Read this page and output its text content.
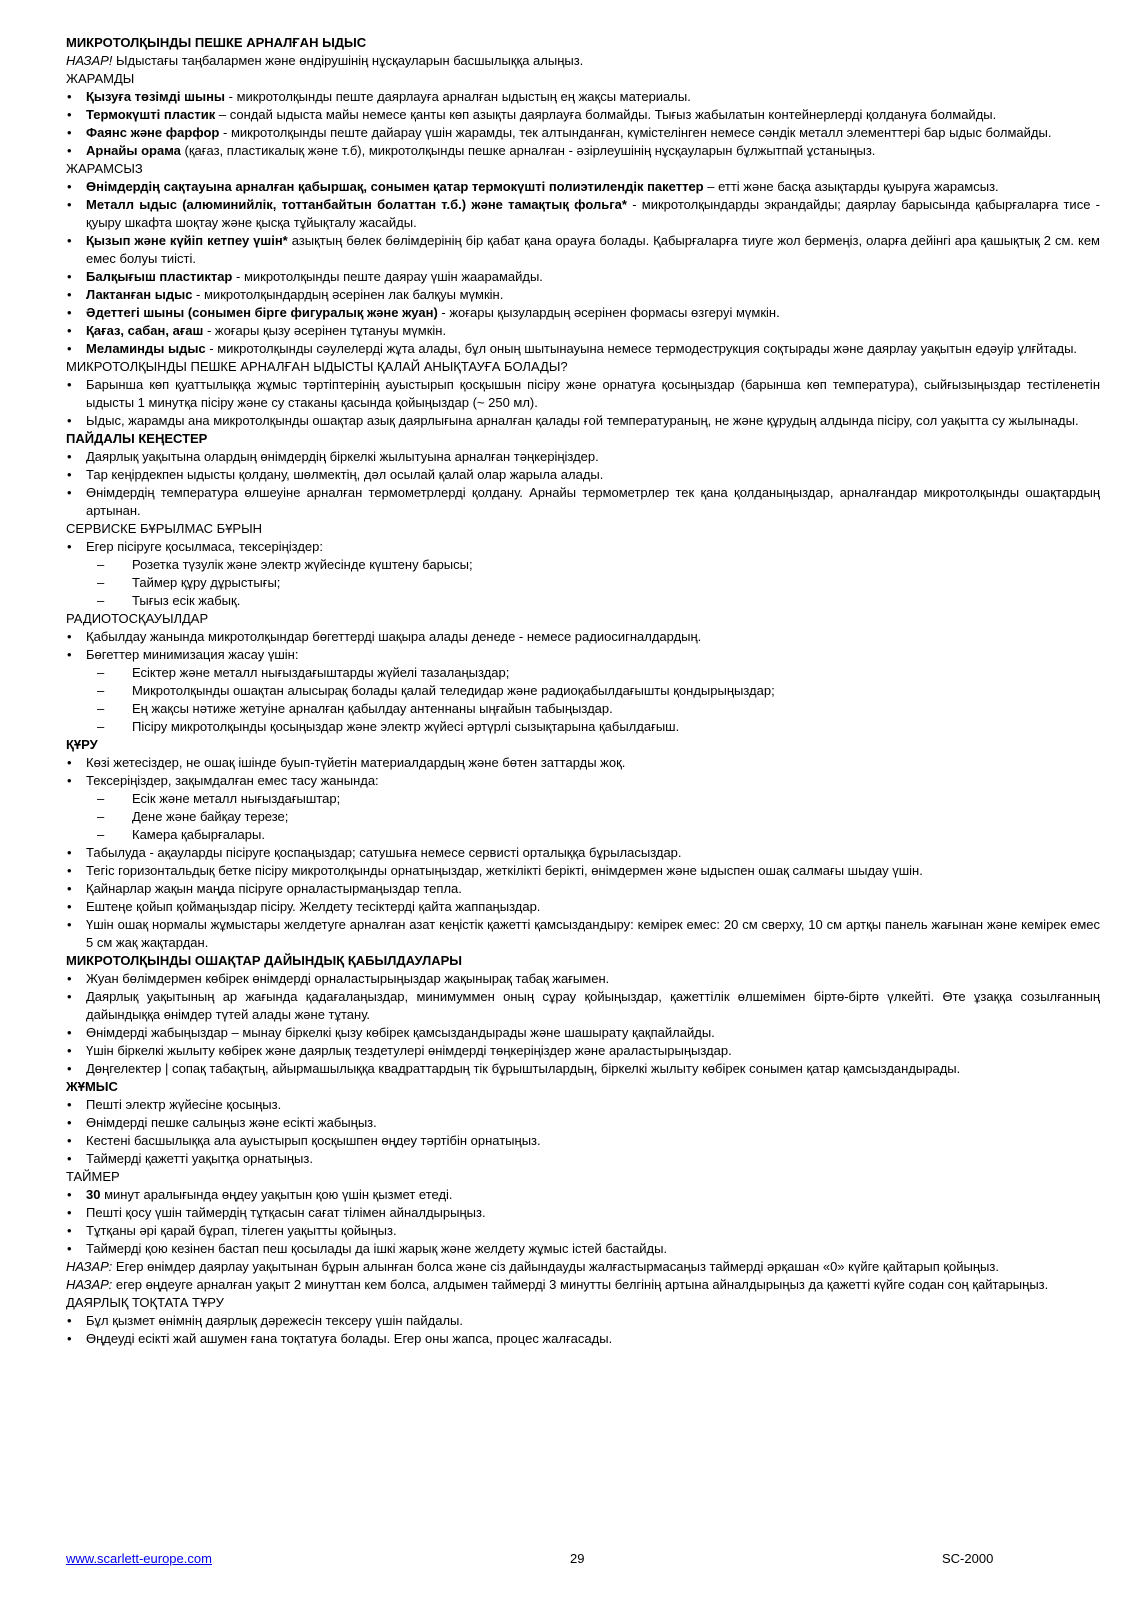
МИКРОТОЛҚЫНДЫ ПЕШКЕ АРНАЛҒАН ЫДЫС
НАЗАР! Ыдыстағы таңбалармен және өндірушінің нұсқауларын басшылыққа алыңыз.
ЖАРАМДЫ
• Қызуға төзімді шыны - микротолқынды пеште даярлауға арналған ыдыстың ең жақсы материалы.
• Термокүшті пластик – сондай ыдыста майы немесе қанты көп азықты даярлауға болмайды. Тығыз жабылатын контейнерлерді қолдануға болмайды.
• Фаянс және фарфор - микротолқынды пеште дайарау үшін жарамды, тек алтынданған, күмістелінген немесе сәндік металл элементтері бар ыдыс болмайды.
• Арнайы орама (қағаз, пластикалық және т.б), микротолқынды пешке арналған - әзірлеушінің нұсқауларын бұлжытпай ұстаныңыз.
ЖАРАМСЫЗ
• Өнімдердің сақтауына арналған қабыршақ, сонымен қатар термокүшті полиэтилендік пакеттер – етті және басқа азықтарды қуыруға жарамсыз.
• Металл ыдыс (алюминийлік, тоттанбайтын болаттан т.б.) және тамақтық фольга* - микротолқындарды экрандайды; даярлау барысында қабырғаларға тисе - қуыру шкафта шоқтау және қысқа тұйықталу жасайды.
• Қызып және күйіп кетпеу үшін* азықтың бөлек бөлімдерінің бір қабат қана орауға болады. Қабырғаларға тиуге жол бермеңіз, оларға дейінгі ара қашықтық 2 см. кем емес болуы тиісті.
• Балқығыш пластиктар - микротолқынды пеште даярау үшін жаарамайды.
• Лактанған ыдыс - микротолқындардың әсерінен лак балқуы мүмкін.
• Әдеттегі шыны (сонымен бірге фигуралық және жуан) - жоғары қызулардың әсерінен формасы өзгеруі мүмкін.
• Қағаз, сабан, ағаш - жоғары қызу әсерінен тұтануы мүмкін.
• Меламинды ыдыс - микротолқынды сәулелерді жұта алады, бұл оның шытынауына немесе термодеструкция соқтырады және даярлау уақытын едәуір ұлғйтады.
МИКРОТОЛҚЫНДЫ ПЕШКЕ АРНАЛҒАН ЫДЫСТЫ ҚАЛАЙ АНЫҚТАУҒА БОЛАДЫ?
• Барынша көп қуаттылыққа жұмыс тәртіптерінің ауыстырып қосқышын пісіру және орнатуға қосыңыздар (барынша көп температура), сыйғызыңыздар тестіленетін ыдысты 1 минутқа пісіру және су стаканы қасында қойыңыздар (~ 250 мл).
• Ыдыс, жарамды ана микротолқынды ошақтар азық даярлығына арналған қалады ғой температураның, не және құрудың алдында пісіру, сол уақытта су жылынады.
ПАЙДАЛЫ КЕҢЕСТЕР
• Даярлық уақытына олардың өнімдердің біркелкі жылытуына арналған тәңкеріңіздер.
• Тар кеңірдекпен ыдысты қолдану, шөлмектің, дәл осылай қалай олар жарыла алады.
• Өнімдердің температура өлшеуіне арналған термометрлерді қолдану. Арнайы термометрлер тек қана қолданыңыздар, арналғандар микротолқынды ошақтардың артынан.
СЕРВИСКЕ БҰРЫЛМАС БҰРЫН
• Егер пісіруге қосылмаса, тексеріңіздер:
– Розетка түзулік және электр жүйесінде күштену барысы;
– Таймер құру дұрыстығы;
– Тығыз есік жабық.
РАДИОТОСҚАУЫЛДАР
• Қабылдау жанында микротолқындар бөгеттерді шақыра алады денеде - немесе радиосигналдардың.
• Бөгеттер минимизация жасау үшін:
– Есіктер және металл нығыздағыштарды жүйелі тазалаңыздар;
– Микротолқынды ошақтан алысырақ болады қалай теледидар және радиоқабылдағышты қондырыңыздар;
– Ең жақсы нәтиже жетуіне арналған қабылдау антеннаны ыңғайын табыңыздар.
– Пісіру микротолқынды қосыңыздар және электр жүйесі әртүрлі сызықтарына қабылдағыш.
ҚҰРУ
• Көзі жетесіздер, не ошақ ішінде буып-түйетін материалдардың және бөтен заттарды жоқ.
• Тексеріңіздер, зақымдалған емес тасу жанында:
– Есік және металл нығыздағыштар;
– Дене және байқау терезе;
– Камера қабырғалары.
• Табылуда - ақауларды пісіруге қоспаңыздар; сатушыға немесе сервисті орталыққа бұрыласыздар.
• Тегіс горизонтальдық бетке пісіру микротолқынды орнатыңыздар, жеткілікті берікті, өнімдермен және ыдыспен ошақ салмағы шыдау үшін.
• Қайнарлар жақын маңда пісіруге орналастырмаңыздар тепла.
• Ештеңе қойып қоймаңыздар пісіру. Желдету тесіктерді қайта жаппаңыздар.
• Үшін ошақ нормалы жұмыстары желдетуге арналған азат кеңістік қажетті қамсыздандыру: кемірек емес: 20 см сверху, 10 см артқы панель жағынан және кемірек емес 5 см жақ жақтардан.
МИКРОТОЛҚЫНДЫ ОШАҚТАР ДАЙЫНДЫҚ ҚАБЫЛДАУЛАРЫ
• Жуан бөлімдермен көбірек өнімдерді орналастырыңыздар жақынырақ табақ жағымен.
• Даярлық уақытының ар жағында қадағалаңыздар, минимуммен оның сұрау қойыңыздар, қажеттілік өлшемімен біртө-біртө үлкейті. Өте ұзаққа созылғанның дайындыққа өнімдер түтей алады және тұтану.
• Өнімдерді жабыңыздар – мынау біркелкі қызу көбірек қамсыздандырады және шашырату қақпайлайды.
• Үшін біркелкі жылыту көбірек және даярлық тездетулері өнімдерді төңкеріңіздер және араластырыңыздар.
• Дөңгелектер | сопақ табақтың, айырмашылыққа квадраттардың тік бұрыштылардың, біркелкі жылыту көбірек сонымен қатар қамсыздандырады.
ЖҰМЫС
• Пешті электр жүйесіне қосыңыз.
• Өнімдерді пешке салыңыз және есікті жабыңыз.
• Кестені басшылыққа ала ауыстырып қосқышпен өңдеу тәртібін орнатыңыз.
• Таймерді қажетті уақытқа орнатыңыз.
ТАЙМЕР
• 30 минут аралығында өңдеу уақытын қою үшін қызмет етеді.
• Пешті қосу үшін таймердің тұтқасын сағат тілімен айналдырыңыз.
• Тұтқаны әрі қарай бұрап, тілеген уақытты қойыңыз.
• Таймерді қою кезінен бастап пеш қосылады да ішкі жарық және желдету жұмыс істей бастайды.
НАЗАР: Егер өнімдер даярлау уақытынан бұрын алынған болса және сіз дайындауды жалғастырмасаңыз таймерді әрқашан «0» күйге қайтарып қойыңыз.
НАЗАР: егер өңдеуге арналған уақыт 2 минуттан кем болса, алдымен таймерді 3 минутты белгінің артына айналдырыңыз да қажетті күйге содан соң қайтарыңыз.
ДАЯРЛЫҚ ТОҚТАТА ТҰРУ
• Бұл қызмет өнімнің даярлық дәрежесін тексеру үшін пайдалы.
• Өңдеуді есікті жай ашумен ғана тоқтатуға болады. Егер оны жапса, процес жалғасады.
www.scarlett-europe.com	29	SC-2000
